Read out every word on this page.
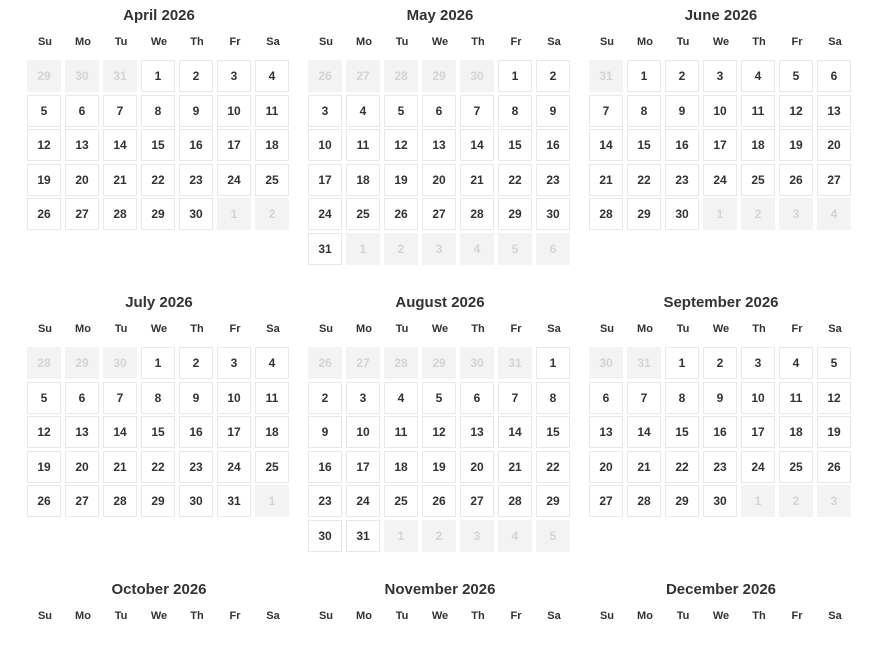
April 2026
Su	Mo	Tu	We	Th	Fr	Sa
29	30	31	1	2	3	4
5	6	7	8	9	10	11
12	13	14	15	16	17	18
19	20	21	22	23	24	25
26	27	28	29	30	1	2
May 2026
Su	Mo	Tu	We	Th	Fr	Sa
26	27	28	29	30	1	2
3	4	5	6	7	8	9
10	11	12	13	14	15	16
17	18	19	20	21	22	23
24	25	26	27	28	29	30
31	1	2	3	4	5	6
June 2026
Su	Mo	Tu	We	Th	Fr	Sa
31	1	2	3	4	5	6
7	8	9	10	11	12	13
14	15	16	17	18	19	20
21	22	23	24	25	26	27
28	29	30	1	2	3	4
July 2026
Su	Mo	Tu	We	Th	Fr	Sa
28	29	30	1	2	3	4
5	6	7	8	9	10	11
12	13	14	15	16	17	18
19	20	21	22	23	24	25
26	27	28	29	30	31	1
August 2026
Su	Mo	Tu	We	Th	Fr	Sa
26	27	28	29	30	31	1
2	3	4	5	6	7	8
9	10	11	12	13	14	15
16	17	18	19	20	21	22
23	24	25	26	27	28	29
30	31	1	2	3	4	5
September 2026
Su	Mo	Tu	We	Th	Fr	Sa
30	31	1	2	3	4	5
6	7	8	9	10	11	12
13	14	15	16	17	18	19
20	21	22	23	24	25	26
27	28	29	30	1	2	3
October 2026
Su	Mo	Tu	We	Th	Fr	Sa
November 2026
Su	Mo	Tu	We	Th	Fr	Sa
December 2026
Su	Mo	Tu	We	Th	Fr	Sa
